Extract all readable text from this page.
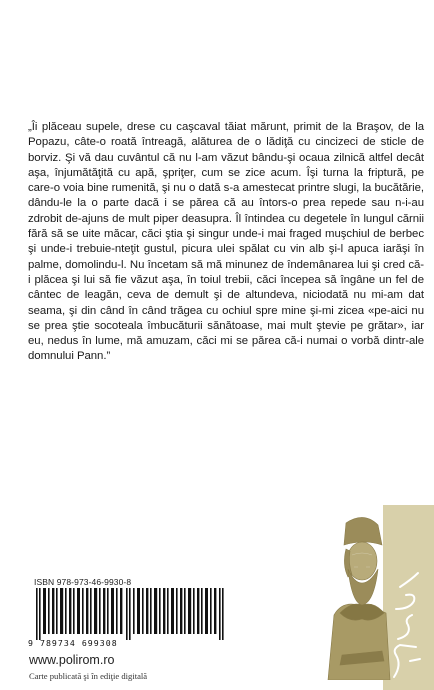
„Îi plăceau supele, drese cu caşcaval tăiat mărunt, primit de la Braşov, de la Popazu, câte-o roată întreagă, alăturea de o lădiţă cu cincizeci de sticle de borviz. Şi vă dau cuvântul că nu l-am văzut bându-şi ocaua zilnică altfel decât aşa, înjumătăţită cu apă, şpriţer, cum se zice acum. Îşi turna la friptură, pe care-o voia bine rumenită, şi nu o dată s-a amestecat printre slugi, la bucătărie, dându-le la o parte dacă i se părea că au întors-o prea repede sau n-i-au zdrobit de-ajuns de mult piper deasupra. Îl întindea cu degetele în lungul cărnii fără să se uite măcar, căci ştia şi singur unde-i mai fraged muşchiul de berbec şi unde-i trebuie-nteţit gustul, picura ulei spălat cu vin alb şi-l apuca iarăşi în palme, domolindu-l. Nu încetam să mă minunez de îndemânarea lui şi cred că-i plăcea şi lui să fie văzut aşa, în toiul trebii, căci începea să îngâne un fel de cântec de leagăn, ceva de demult şi de altundeva, niciodată nu mi-am dat seama, şi din când în când trăgea cu ochiul spre mine şi-mi zicea «pe-aici nu se prea ştie socoteala îmbucăturii sănătoase, mai mult ştevie pe grătar», iar eu, nedus în lume, mă amuzam, căci mi se părea că-i numai o vorbă dintr-ale domnului Pann.”

ISBN 978-973-46-9930-8
9 789734 699308
www.polirom.ro
Carte publicată şi în ediţie digitală
